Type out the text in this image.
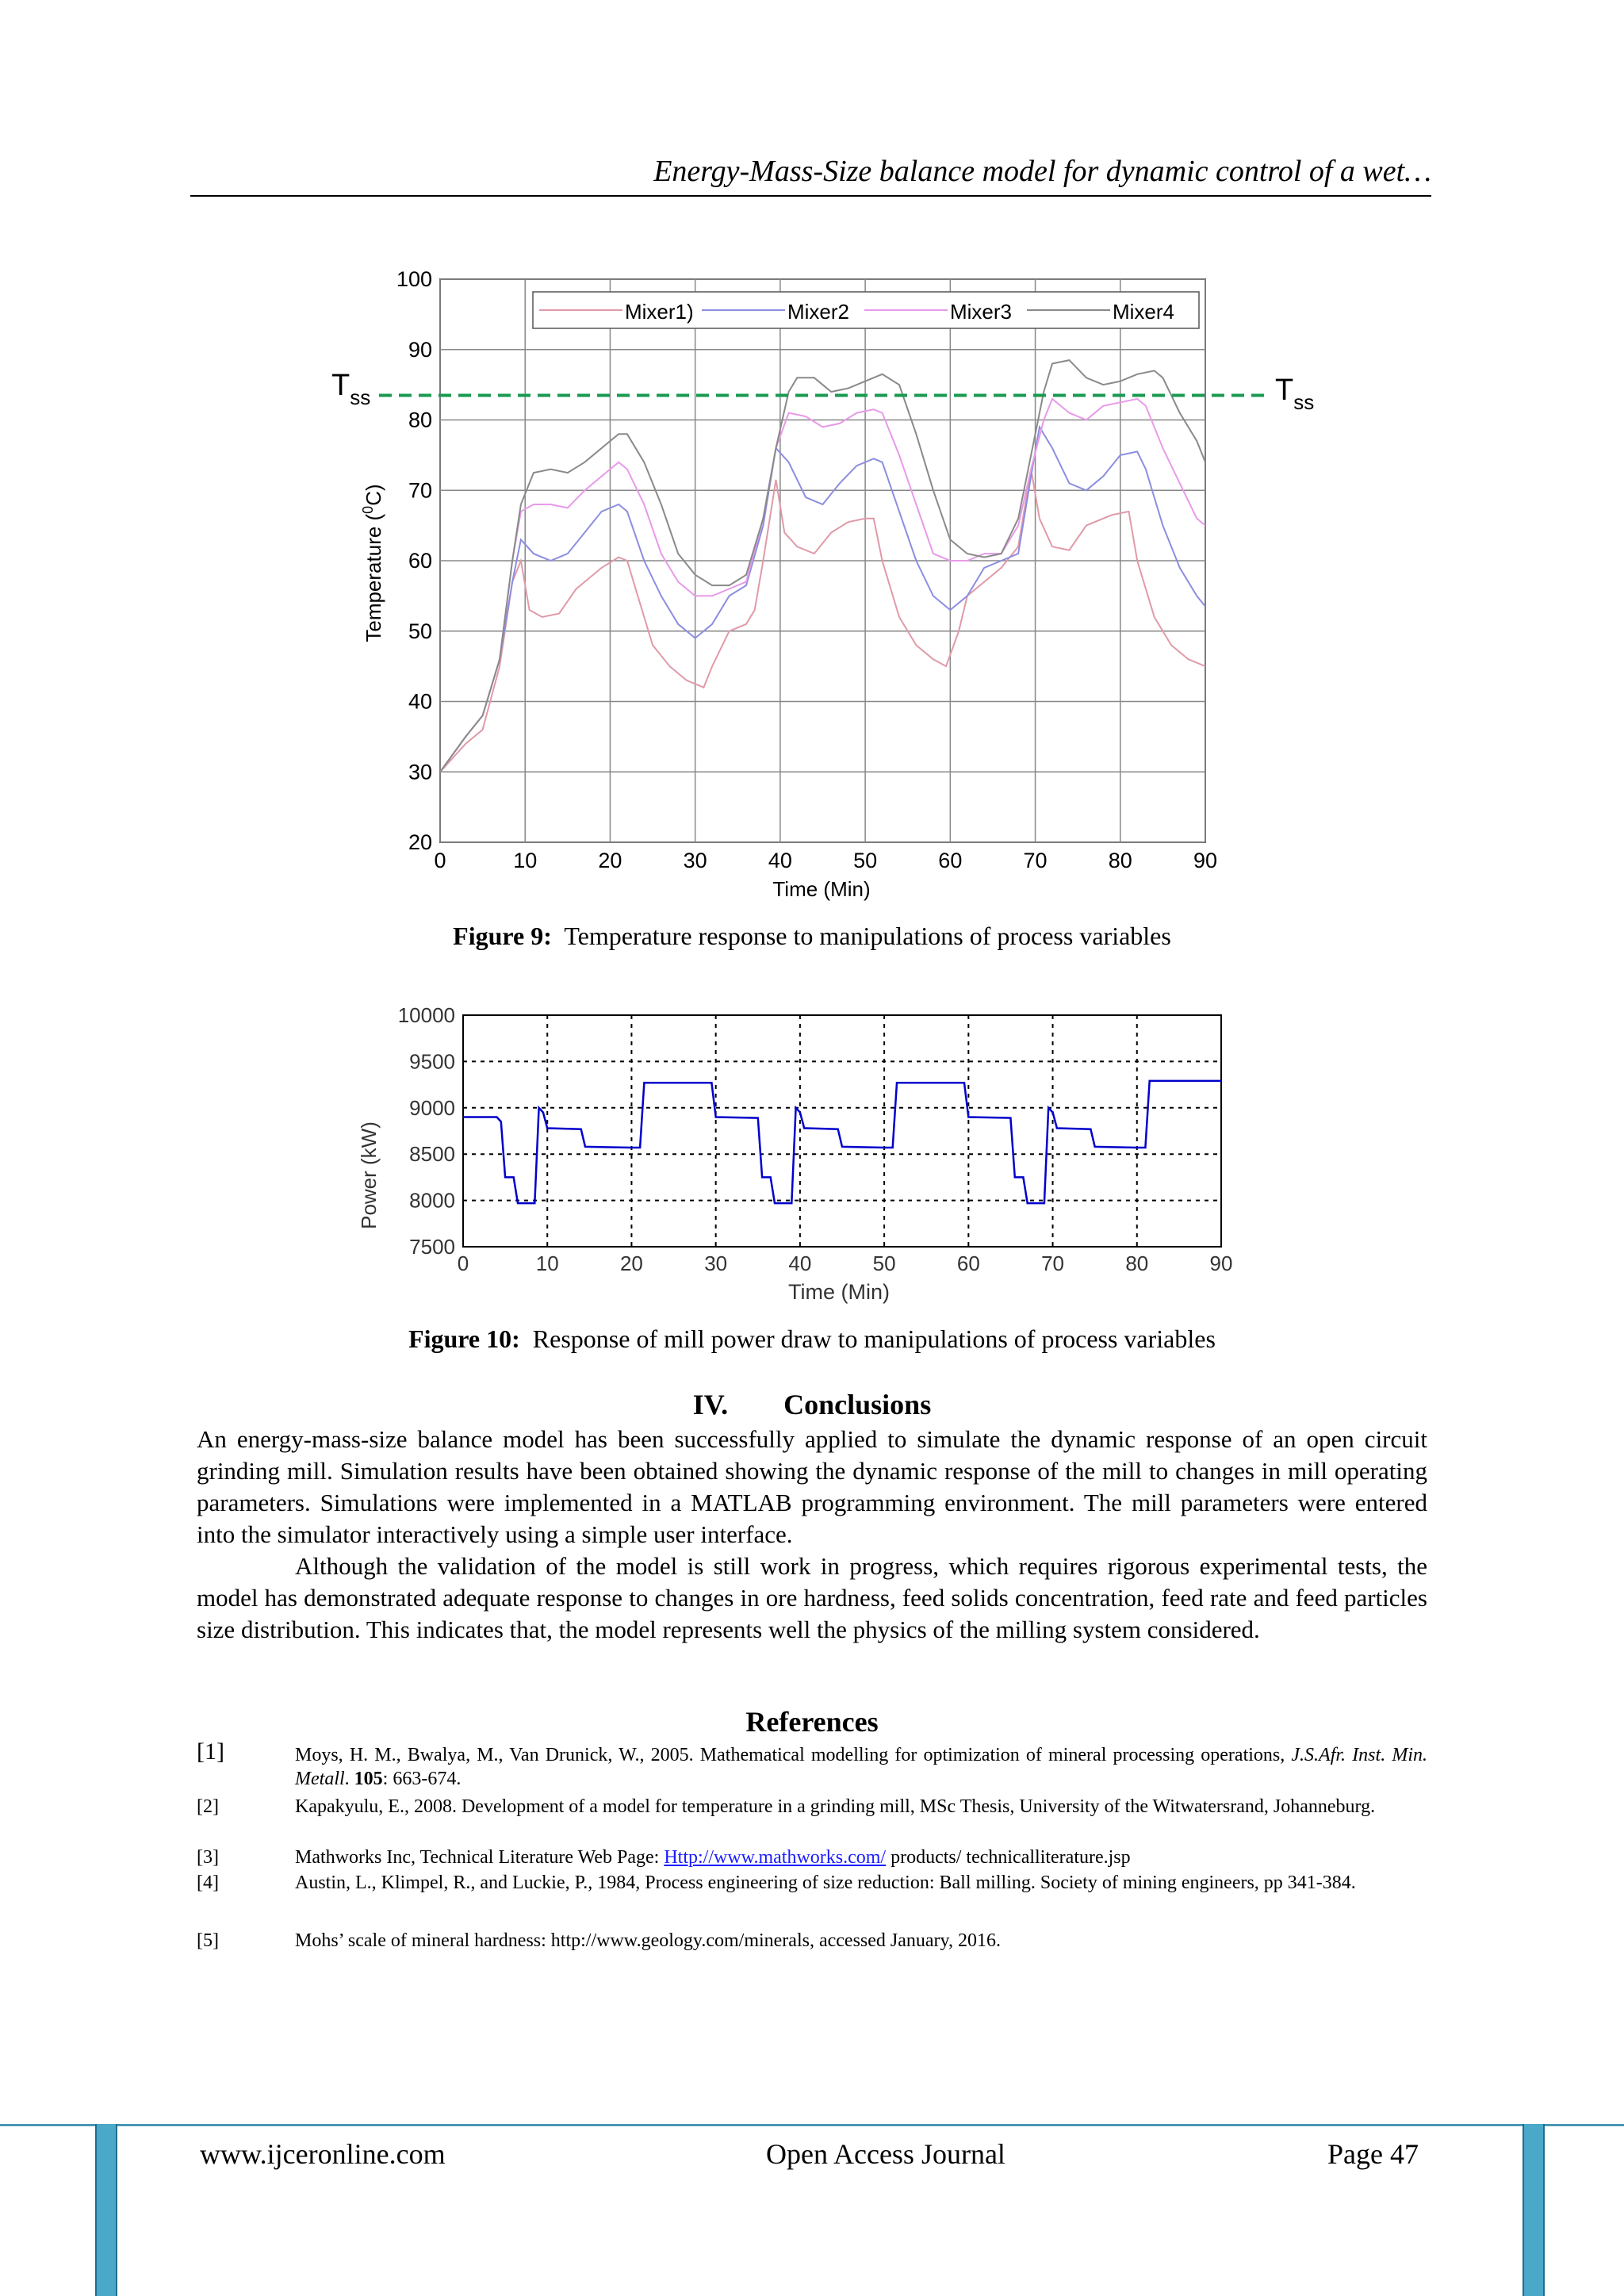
Energy-Mass-Size balance model for dynamic control of a wet…
Mixer1)	Mixer2	Mixer3	Mixer4
0	10	20	30	40	50	60	70	80	90
20
30
40
50
60
70
80
90
100
Time (Min)
Temperature ($^0$C)
$T_{ss}$	$T_{ss}$
Figure 9: Temperature response to manipulations of process variables
0	10	20	30	40	50	60	70	80	90
7500
8000
8500
9000
9500
10000
Time (Min)
Power (kW)
Figure 10: Response of mill power draw to manipulations of process variables
IV. Conclusions
An energy-mass-size balance model has been successfully applied to simulate the dynamic response of an open circuit grinding mill. Simulation results have been obtained showing the dynamic response of the mill to changes in mill operating parameters. Simulations were implemented in a MATLAB programming environment. The mill parameters were entered into the simulator interactively using a simple user interface.
Although the validation of the model is still work in progress, which requires rigorous experimental tests, the model has demonstrated adequate response to changes in ore hardness, feed solids concentration, feed rate and feed particles size distribution. This indicates that, the model represents well the physics of the milling system considered.
References
[1]	Moys, H. M., Bwalya, M., Van Drunick, W., 2005. Mathematical modelling for optimization of mineral processing operations, J.S.Afr. Inst. Min. Metall. 105: 663-674.
[2]	Kapakyulu, E., 2008. Development of a model for temperature in a grinding mill, MSc Thesis, University of the Witwatersrand, Johanneburg.
[3]	Mathworks Inc, Technical Literature Web Page: Http://www.mathworks.com/ products/ technicalliterature.jsp
[4]	Austin, L., Klimpel, R., and Luckie, P., 1984, Process engineering of size reduction: Ball milling. Society of mining engineers, pp 341-384.
[5]	Mohs’ scale of mineral hardness: http://www.geology.com/minerals, accessed January, 2016.
www.ijceronline.com	Open Access Journal	Page 47
